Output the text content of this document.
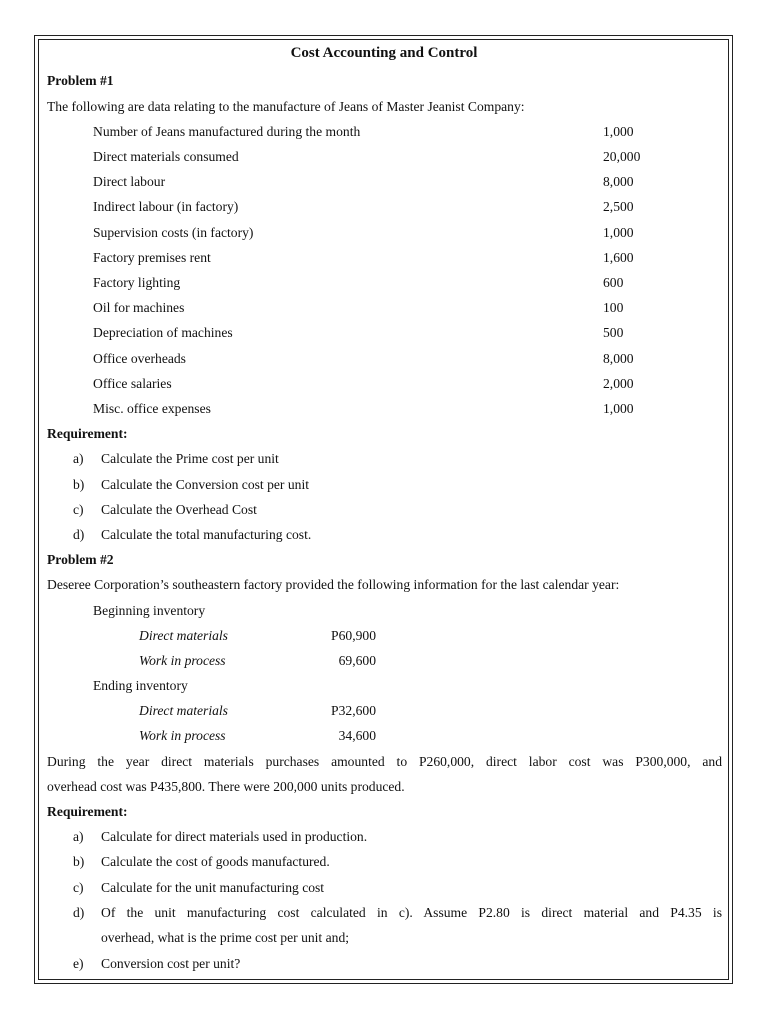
Cost Accounting and Control
Problem #1
The following are data relating to the manufacture of Jeans of Master Jeanist Company:
Number of Jeans manufactured during the month	1,000
Direct materials consumed	20,000
Direct labour	8,000
Indirect labour (in factory)	2,500
Supervision costs (in factory)	1,000
Factory premises rent	1,600
Factory lighting	600
Oil for machines	100
Depreciation of machines	500
Office overheads	8,000
Office salaries	2,000
Misc. office expenses	1,000
Requirement:
a) Calculate the Prime cost per unit
b) Calculate the Conversion cost per unit
c) Calculate the Overhead Cost
d) Calculate the total manufacturing cost.
Problem #2
Deseree Corporation’s southeastern factory provided the following information for the last calendar year:
Beginning inventory
Direct materials	P60,900
Work in process	69,600
Ending inventory
Direct materials	P32,600
Work in process	34,600
During the year direct materials purchases amounted to P260,000, direct labor cost was P300,000, and
overhead cost was P435,800. There were 200,000 units produced.
Requirement:
a) Calculate for direct materials used in production.
b) Calculate the cost of goods manufactured.
c) Calculate for the unit manufacturing cost
d) Of the unit manufacturing cost calculated in c). Assume P2.80 is direct material and P4.35 is
overhead, what is the prime cost per unit and;
e) Conversion cost per unit?
